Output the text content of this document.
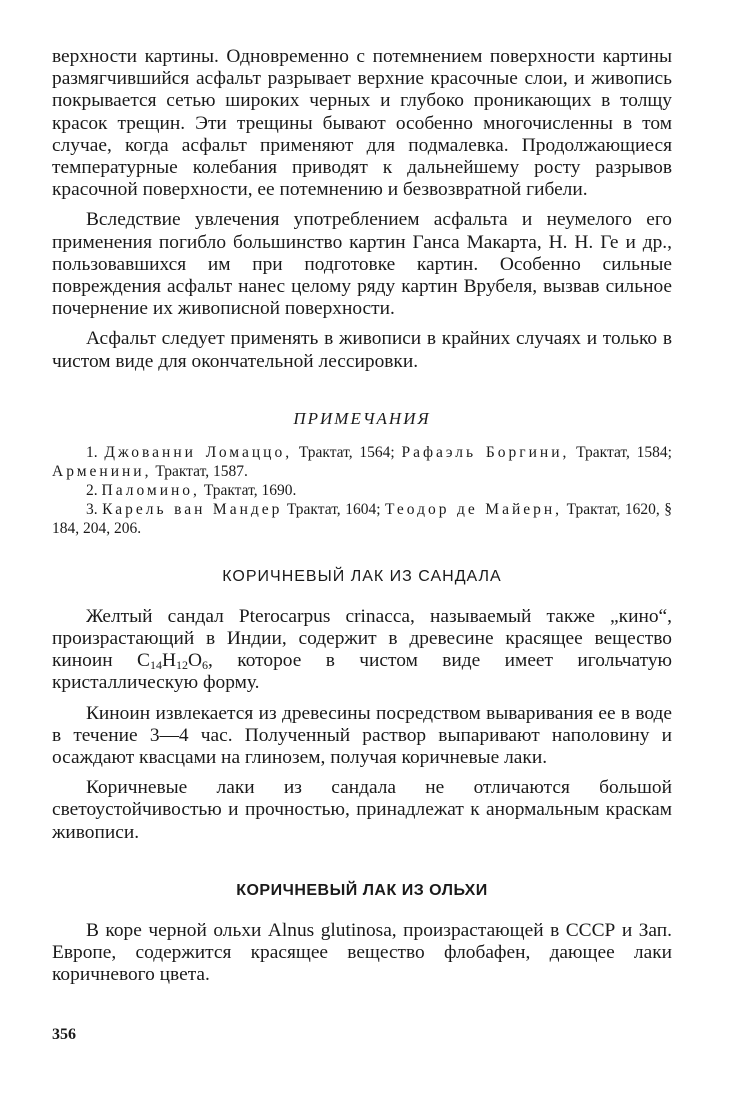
верхности картины. Одновременно с потемнением поверхности картины размягчившийся асфальт разрывает верхние красочные слои, и живопись покрывается сетью широких черных и глубоко проникающих в толщу красок трещин. Эти трещины бывают особенно многочисленны в том случае, когда асфальт применяют для подмалевка. Продолжающиеся температурные колебания приводят к дальнейшему росту разрывов красочной поверхности, ее потемнению и безвозвратной гибели.

Вследствие увлечения употреблением асфальта и неумелого его применения погибло большинство картин Ганса Макарта, Н. Н. Ге и др., пользовавшихся им при подготовке картин. Особенно сильные повреждения асфальт нанес целому ряду картин Врубеля, вызвав сильное почернение их живописной поверхности.

Асфальт следует применять в живописи в крайних случаях и только в чистом виде для окончательной лессировки.

ПРИМЕЧАНИЯ

1. Джованни Ломаццо, Трактат, 1564; Рафаэль Боргини, Трактат, 1584; Арменини, Трактат, 1587.

2. Паломино, Трактат, 1690.

3. Карель ван Мандер Трактат, 1604; Теодор де Майерн, Трактат, 1620, § 184, 204, 206.

КОРИЧНЕВЫЙ ЛАК ИЗ САНДАЛА

Желтый сандал Pterocarpus crinacca, называемый также „кино“, произрастающий в Индии, содержит в древесине красящее вещество киноин $C_{14}H_{12}O_6$, которое в чистом виде имеет игольчатую кристаллическую форму.

Киноин извлекается из древесины посредством вываривания ее в воде в течение 3—4 час. Полученный раствор выпаривают наполовину и осаждают квасцами на глинозем, получая коричневые лаки.

Коричневые лаки из сандала не отличаются большой светоустойчивостью и прочностью, принадлежат к анормальным краскам живописи.

КОРИЧНЕВЫЙ ЛАК ИЗ ОЛЬХИ

В коре черной ольхи Alnus glutinosa, произрастающей в СССР и Зап. Европе, содержится красящее вещество флобафен, дающее лаки коричневого цвета.

356
